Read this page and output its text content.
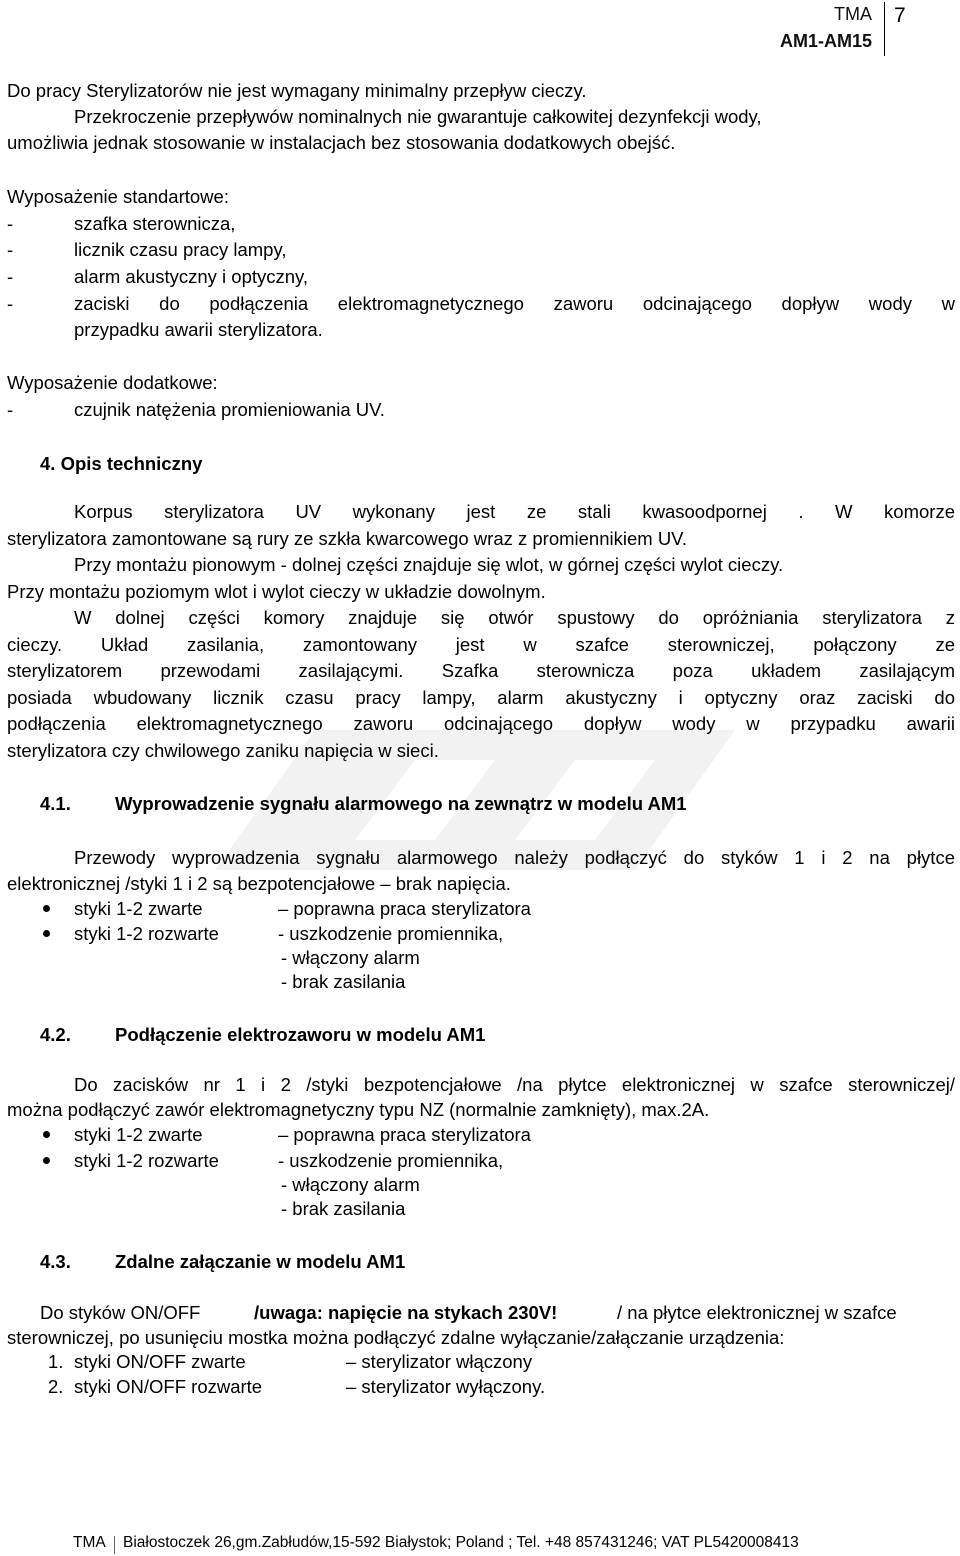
TMA
AM1-AM15
7
Do pracy Sterylizatorów nie jest wymagany minimalny przepływ cieczy.
Przekroczenie przepływów nominalnych nie gwarantuje całkowitej dezynfekcji wody,
umożliwia jednak stosowanie w instalacjach bez stosowania dodatkowych obejść.
Wyposażenie standartowe:
-	szafka sterownicza,
-	licznik czasu pracy lampy,
-	alarm akustyczny i optyczny,
-	zaciski do podłączenia elektromagnetycznego zaworu odcinającego dopływ wody w
przypadku awarii sterylizatora.
Wyposażenie dodatkowe:
-	czujnik natężenia promieniowania UV.
4. Opis techniczny
Korpus sterylizatora UV wykonany jest ze stali kwasoodpornej . W komorze
sterylizatora zamontowane są rury ze szkła kwarcowego wraz z promiennikiem UV.
Przy montażu pionowym - dolnej części znajduje się wlot, w górnej części wylot cieczy.
Przy montażu poziomym wlot i wylot cieczy w układzie dowolnym.
W dolnej części komory znajduje się otwór spustowy do opróżniania sterylizatora z
cieczy. Układ zasilania, zamontowany jest w szafce sterowniczej, połączony ze
sterylizatorem przewodami zasilającymi. Szafka sterownicza poza układem zasilającym
posiada wbudowany licznik czasu pracy lampy, alarm akustyczny i optyczny oraz zaciski do
podłączenia elektromagnetycznego zaworu odcinającego dopływ wody w przypadku awarii
sterylizatora czy chwilowego zaniku napięcia w sieci.
4.1. Wyprowadzenie sygnału alarmowego na zewnątrz w modelu AM1
Przewody wyprowadzenia sygnału alarmowego należy podłączyć do styków 1 i 2 na płytce
elektronicznej /styki 1 i 2 są bezpotencjałowe – brak napięcia.
styki 1-2 zwarte	– poprawna praca sterylizatora
styki 1-2 rozwarte	- uszkodzenie promiennika,
- włączony alarm
- brak zasilania
4.2. Podłączenie elektrozaworu w modelu AM1
Do zacisków nr 1 i 2 /styki bezpotencjałowe /na płytce elektronicznej w szafce sterowniczej/
można podłączyć zawór elektromagnetyczny typu NZ (normalnie zamknięty), max.2A.
styki 1-2 zwarte	– poprawna praca sterylizatora
styki 1-2 rozwarte	- uszkodzenie promiennika,
- włączony alarm
- brak zasilania
4.3. Zdalne załączanie w modelu AM1
Do styków ON/OFF	/uwaga: napięcie na stykach 230V!	/ na płytce elektronicznej w szafce
sterowniczej, po usunięciu mostka można podłączyć zdalne wyłączanie/załączanie urządzenia:
1. styki ON/OFF zwarte	– sterylizator włączony
2. styki ON/OFF rozwarte	– sterylizator wyłączony.
TMA Białostoczek 26,gm.Zabłudów,15-592 Białystok; Poland ; Tel. +48 857431246; VAT PL5420008413
